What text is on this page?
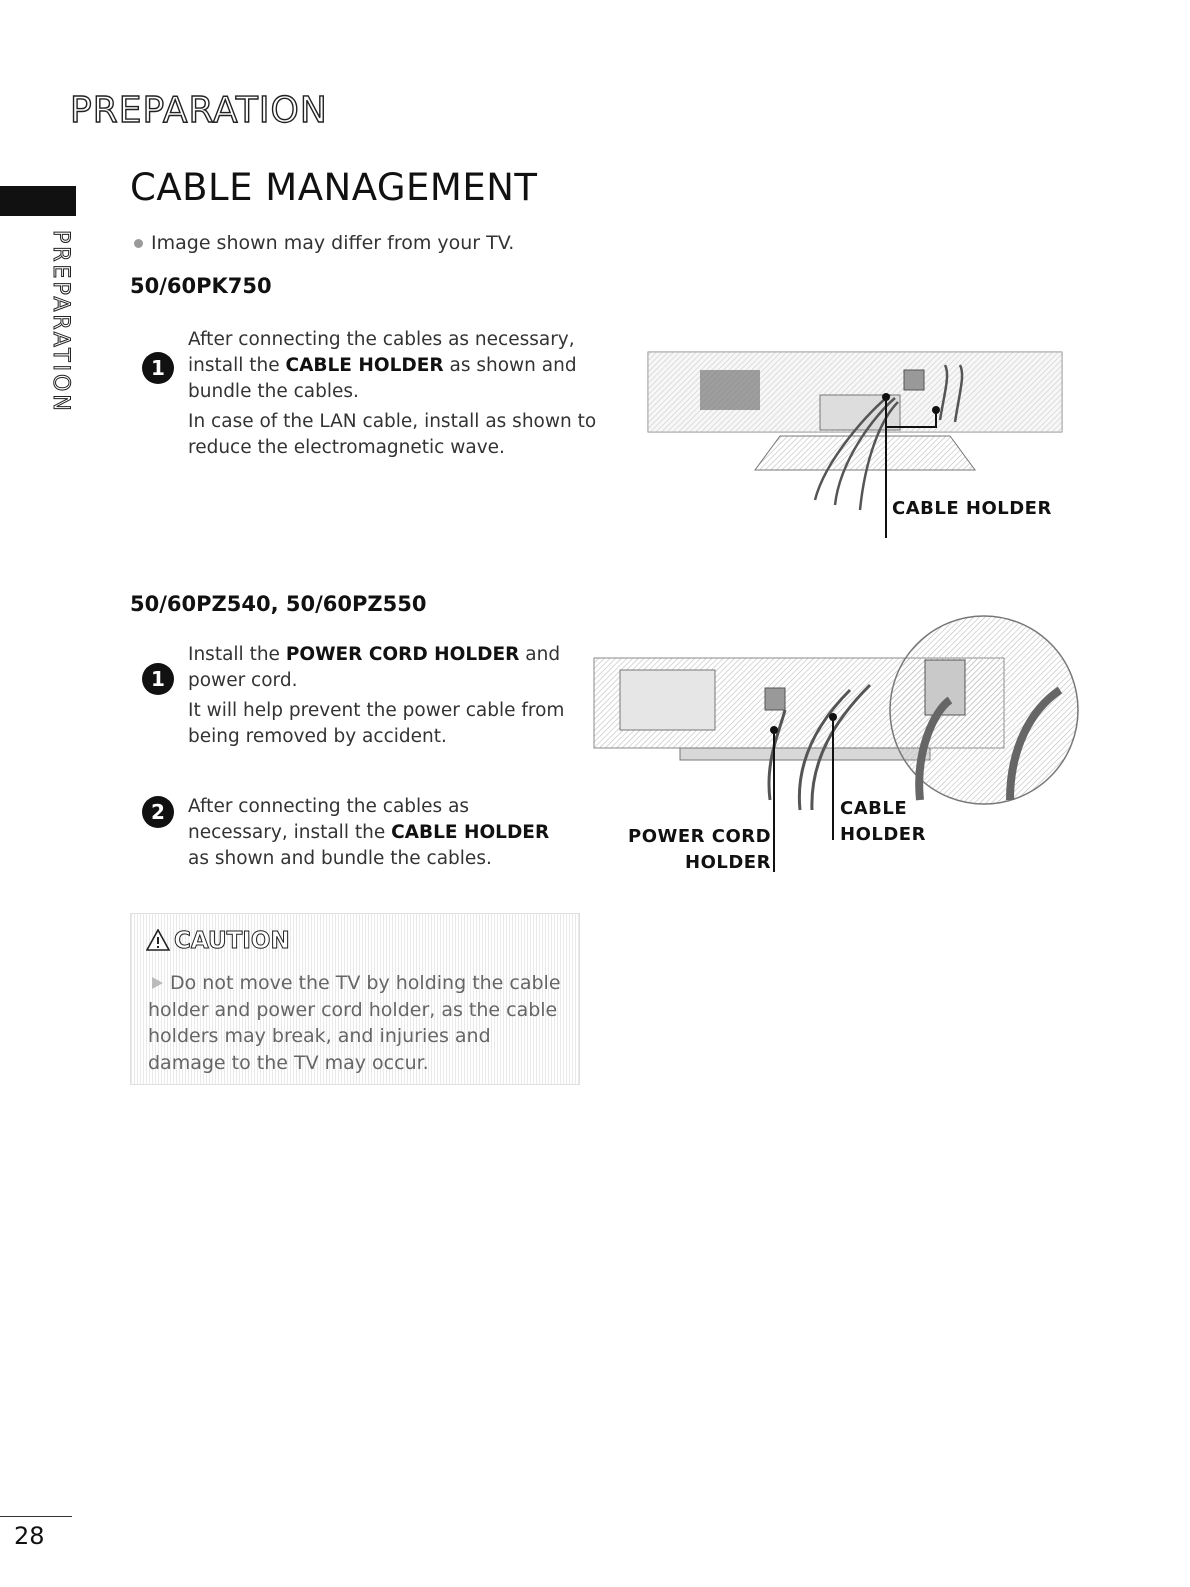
PREPARATION
PREPARATION
CABLE MANAGEMENT
Image shown may differ from your TV.
50/60PK750
1

After connecting the cables as necessary, install the CABLE HOLDER as shown and bundle the cables.

In case of the LAN cable, install as shown to reduce the electromagnetic wave.

CABLE HOLDER
50/60PZ540, 50/60PZ550
1

Install the POWER CORD HOLDER and power cord.

It will help prevent the power cable from being removed by accident.

2	After connecting the cables as necessary, install the CABLE HOLDER as shown and bundle the cables.

POWER CORD
HOLDER
CABLE
HOLDER
CAUTION
Do not move the TV by holding the cable holder and power cord holder, as the cable holders may break, and injuries and damage to the TV may occur.
28
